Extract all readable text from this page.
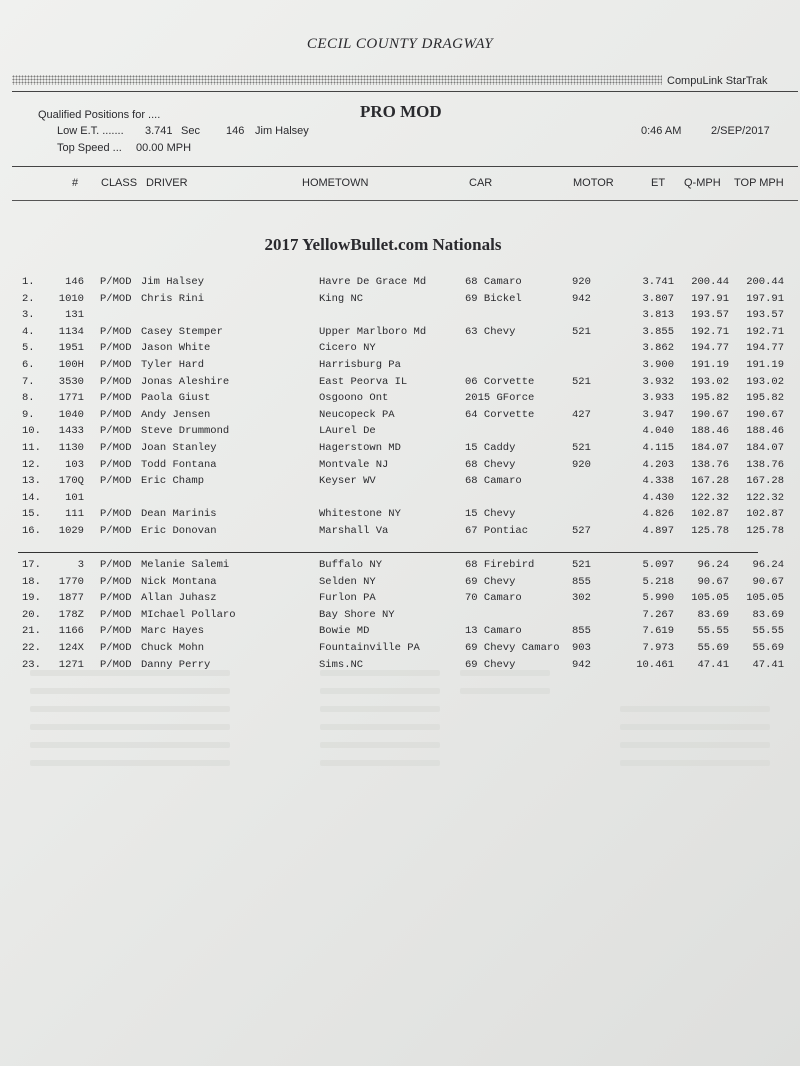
CECIL COUNTY DRAGWAY
CompuLink StarTrak
Qualified Positions for ....
Low E.T. ....... 3.741 Sec 146 Jim Halsey
Top Speed ... 00.00 MPH
PRO MOD
0:46 AM	2/SEP/2017
# CLASS DRIVER	HOMETOWN	CAR	MOTOR	ET Q-MPH TOP MPH
2017 YellowBullet.com Nationals
1.	146 P/MOD Jim Halsey	Havre De Grace Md	68 Camaro	920	3.741	200.44	200.44
2.	1010 P/MOD Chris Rini	King NC	69 Bickel	942	3.807	197.91	197.91
3.	131	3.813	193.57	193.57
4.	1134 P/MOD Casey Stemper	Upper Marlboro Md	63 Chevy	521	3.855	192.71	192.71
5.	1951 P/MOD Jason White	Cicero NY	3.862	194.77	194.77
6.	100H P/MOD Tyler Hard	Harrisburg Pa	3.900	191.19	191.19
7.	3530 P/MOD Jonas Aleshire	East Peorva IL	06 Corvette	521	3.932	193.02	193.02
8.	1771 P/MOD Paola Giust	Osgoono Ont	2015 GForce	3.933	195.82	195.82
9.	1040 P/MOD Andy Jensen	Neucopeck PA	64 Corvette	427	3.947	190.67	190.67
10.	1433 P/MOD Steve Drummond	LAurel De	4.040	188.46	188.46
11.	1130 P/MOD Joan Stanley	Hagerstown MD	15 Caddy	521	4.115	184.07	184.07
12.	103 P/MOD Todd Fontana	Montvale NJ	68 Chevy	920	4.203	138.76	138.76
13.	170Q P/MOD Eric Champ	Keyser WV	68 Camaro	4.338	167.28	167.28
14.	101	4.430	122.32	122.32
15.	111 P/MOD Dean Marinis	Whitestone NY	15 Chevy	4.826	102.87	102.87
16.	1029 P/MOD Eric Donovan	Marshall Va	67 Pontiac	527	4.897	125.78	125.78
17.	3 P/MOD Melanie Salemi	Buffalo NY	68 Firebird	521	5.097	96.24	96.24
18.	1770 P/MOD Nick Montana	Selden NY	69 Chevy	855	5.218	90.67	90.67
19.	1877 P/MOD Allan Juhasz	Furlon PA	70 Camaro	302	5.990	105.05	105.05
20.	178Z P/MOD MIchael Pollaro	Bay Shore NY	7.267	83.69	83.69
21.	1166 P/MOD Marc Hayes	Bowie MD	13 Camaro	855	7.619	55.55	55.55
22.	124X P/MOD Chuck Mohn	Fountainville PA	69 Chevy Camaro	903	7.973	55.69	55.69
23.	1271 P/MOD Danny Perry	Sims.NC	69 Chevy	942	10.461	47.41	47.41
